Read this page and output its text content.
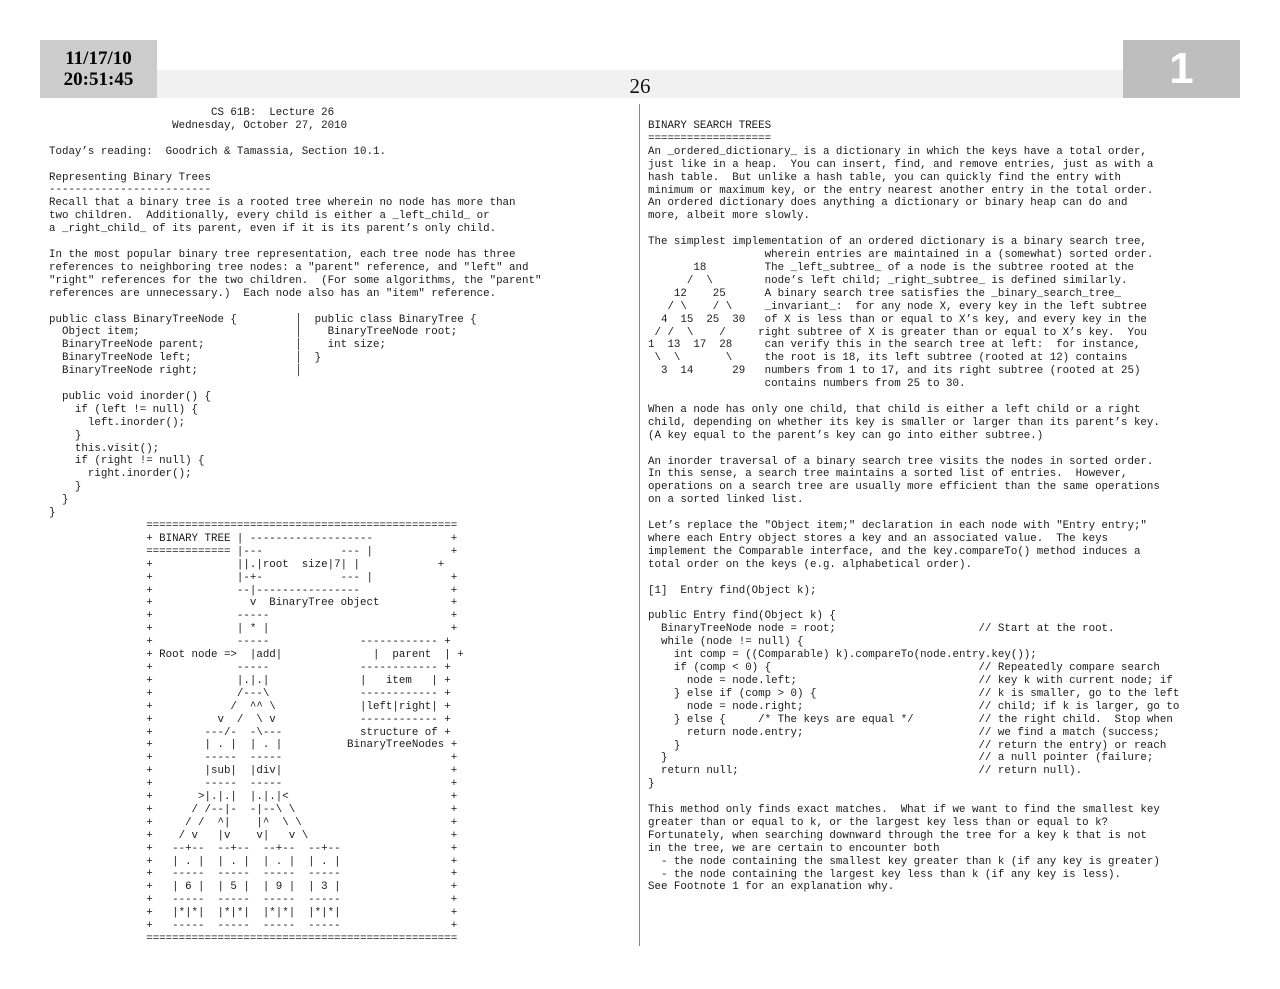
11/17/10
20:51:45	26	1
CS 61B:  Lecture 26
Wednesday, October 27, 2010

Today’s reading:  Goodrich & Tamassia, Section 10.1.

Representing Binary Trees
-------------------------
Recall that a binary tree is a rooted tree wherein no node has more than
two children.  Additionally, every child is either a _left_child_ or
a _right_child_ of its parent, even if it is its parent’s only child.

In the most popular binary tree representation, each tree node has three
references to neighboring tree nodes: a "parent" reference, and "left" and
"right" references for the two children.  (For some algorithms, the "parent"
references are unnecessary.)  Each node also has an "item" reference.

public class BinaryTreeNode {         │  public class BinaryTree {
Object item;                        │    BinaryTreeNode root;
BinaryTreeNode parent;              │    int size;
BinaryTreeNode left;                │  }
BinaryTreeNode right;               │

public void inorder() {
if (left != null) {
left.inorder();
}
this.visit();
if (right != null) {
right.inorder();
}
}
}
================================================
+ BINARY TREE | -------------------            +
============= |---            --- |            +
+             ||.|root  size|7| |            +
+             |-+-            --- |            +
+             --|----------------              +
+               v  BinaryTree object           +
+             -----                            +
+             | * |                            +
+             -----              ------------ +
+ Root node =>  |add|              |  parent  | +
+             -----              ------------ +
+             |.|.|              |   item   | +
+             /---\              ------------ +
+            /  ^^ \             |left|right| +
+          v  /  \ v             ------------ +
+        ---/-  -\---            structure of +
+        | . |  | . |          BinaryTreeNodes +
+        -----  -----                          +
+        |sub|  |div|                          +
+        -----  -----                          +
+       >|.|.|  |.|.|<                         +
+      / /--|-  -|--\ \                        +
+     / /  ^|    |^  \ \                       +
+    / v   |v    v|   v \                      +
+   --+--  --+--  --+--  --+--                 +
+   | . |  | . |  | . |  | . |                 +
+   -----  -----  -----  -----                 +
+   | 6 |  | 5 |  | 9 |  | 3 |                 +
+   -----  -----  -----  -----                 +
+   |*|*|  |*|*|  |*|*|  |*|*|                 +
+   -----  -----  -----  -----                 +
================================================
BINARY SEARCH TREES
===================
An _ordered_dictionary_ is a dictionary in which the keys have a total order,
just like in a heap.  You can insert, find, and remove entries, just as with a
hash table.  But unlike a hash table, you can quickly find the entry with
minimum or maximum key, or the entry nearest another entry in the total order.
An ordered dictionary does anything a dictionary or binary heap can do and
more, albeit more slowly.

The simplest implementation of an ordered dictionary is a binary search tree,
wherein entries are maintained in a (somewhat) sorted order.
18         The _left_subtree_ of a node is the subtree rooted at the
/  \        node’s left child; _right_subtree_ is defined similarly.
12    25      A binary search tree satisfies the _binary_search_tree_
/ \    / \     _invariant_:  for any node X, every key in the left subtree
4  15  25  30   of X is less than or equal to X’s key, and every key in the
/ /  \    /     right subtree of X is greater than or equal to X’s key.  You
1  13  17  28     can verify this in the search tree at left:  for instance,
\  \       \     the root is 18, its left subtree (rooted at 12) contains
3  14      29   numbers from 1 to 17, and its right subtree (rooted at 25)
contains numbers from 25 to 30.

When a node has only one child, that child is either a left child or a right
child, depending on whether its key is smaller or larger than its parent’s key.
(A key equal to the parent’s key can go into either subtree.)

An inorder traversal of a binary search tree visits the nodes in sorted order.
In this sense, a search tree maintains a sorted list of entries.  However,
operations on a search tree are usually more efficient than the same operations
on a sorted linked list.

Let’s replace the "Object item;" declaration in each node with "Entry entry;"
where each Entry object stores a key and an associated value.  The keys
implement the Comparable interface, and the key.compareTo() method induces a
total order on the keys (e.g. alphabetical order).

[1]  Entry find(Object k);

public Entry find(Object k) {
BinaryTreeNode node = root;                      // Start at the root.
while (node != null) {
int comp = ((Comparable) k).compareTo(node.entry.key());
if (comp < 0) {                                // Repeatedly compare search
node = node.left;                            // key k with current node; if
} else if (comp > 0) {                         // k is smaller, go to the left
node = node.right;                           // child; if k is larger, go to
} else {     /* The keys are equal */          // the right child.  Stop when
return node.entry;                           // we find a match (success;
}                                              // return the entry) or reach
}                                                // a null pointer (failure;
return null;                                     // return null).
}

This method only finds exact matches.  What if we want to find the smallest key
greater than or equal to k, or the largest key less than or equal to k?
Fortunately, when searching downward through the tree for a key k that is not
in the tree, we are certain to encounter both
- the node containing the smallest key greater than k (if any key is greater)
- the node containing the largest key less than k (if any key is less).
See Footnote 1 for an explanation why.
